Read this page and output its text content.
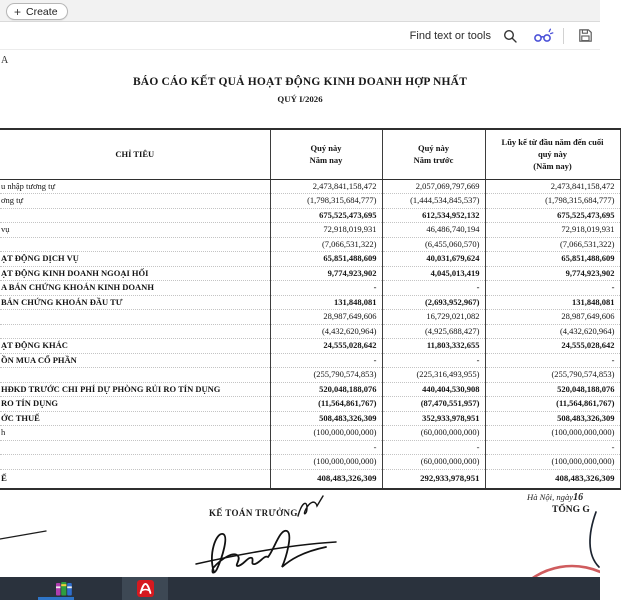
+ Create
Find text or tools
A
BÁO CÁO KẾT QUẢ HOẠT ĐỘNG KINH DOANH HỢP NHẤT
QUÝ I/2026
CHỈ TIÊU	
Quý này
Năm nay

Quý này
Năm trước

Lũy kế từ đầu năm đến cuối
quý này
(Năm nay)

u nhập tương tự	2,473,841,158,472	2,057,069,797,669	2,473,841,158,472
ơng tự	(1,798,315,684,777)	(1,444,534,845,537)	(1,798,315,684,777)
	675,525,473,695	612,534,952,132	675,525,473,695
vụ	72,918,019,931	46,486,740,194	72,918,019,931
	(7,066,531,322)	(6,455,060,570)	(7,066,531,322)
ẠT ĐỘNG DỊCH VỤ	65,851,488,609	40,031,679,624	65,851,488,609
ẠT ĐỘNG KINH DOANH NGOẠI HỐI	9,774,923,902	4,045,013,419	9,774,923,902
A BÁN CHỨNG KHOÁN KINH DOANH	-	-	-
BÁN CHỨNG KHOÁN ĐẦU TƯ	131,848,081	(2,693,952,967)	131,848,081
	28,987,649,606	16,729,021,082	28,987,649,606
	(4,432,620,964)	(4,925,688,427)	(4,432,620,964)
ẠT ĐỘNG KHÁC	24,555,028,642	11,803,332,655	24,555,028,642
ỒN MUA CỔ PHẦN	-	-	-
	(255,790,574,853)	(225,316,493,955)	(255,790,574,853)
HĐKD TRƯỚC CHI PHÍ DỰ PHÒNG RỦI RO TÍN DỤNG	520,048,188,076	440,404,530,908	520,048,188,076
RO TÍN DỤNG	(11,564,861,767)	(87,470,551,957)	(11,564,861,767)
ỚC THUẾ	508,483,326,309	352,933,978,951	508,483,326,309
h	(100,000,000,000)	(60,000,000,000)	(100,000,000,000)
	-	-	-
	(100,000,000,000)	(60,000,000,000)	(100,000,000,000)
Ế	408,483,326,309	292,933,978,951	408,483,326,309
KẾ TOÁN TRƯỞNG
Hà Nội, ngày16
TỔNG G
